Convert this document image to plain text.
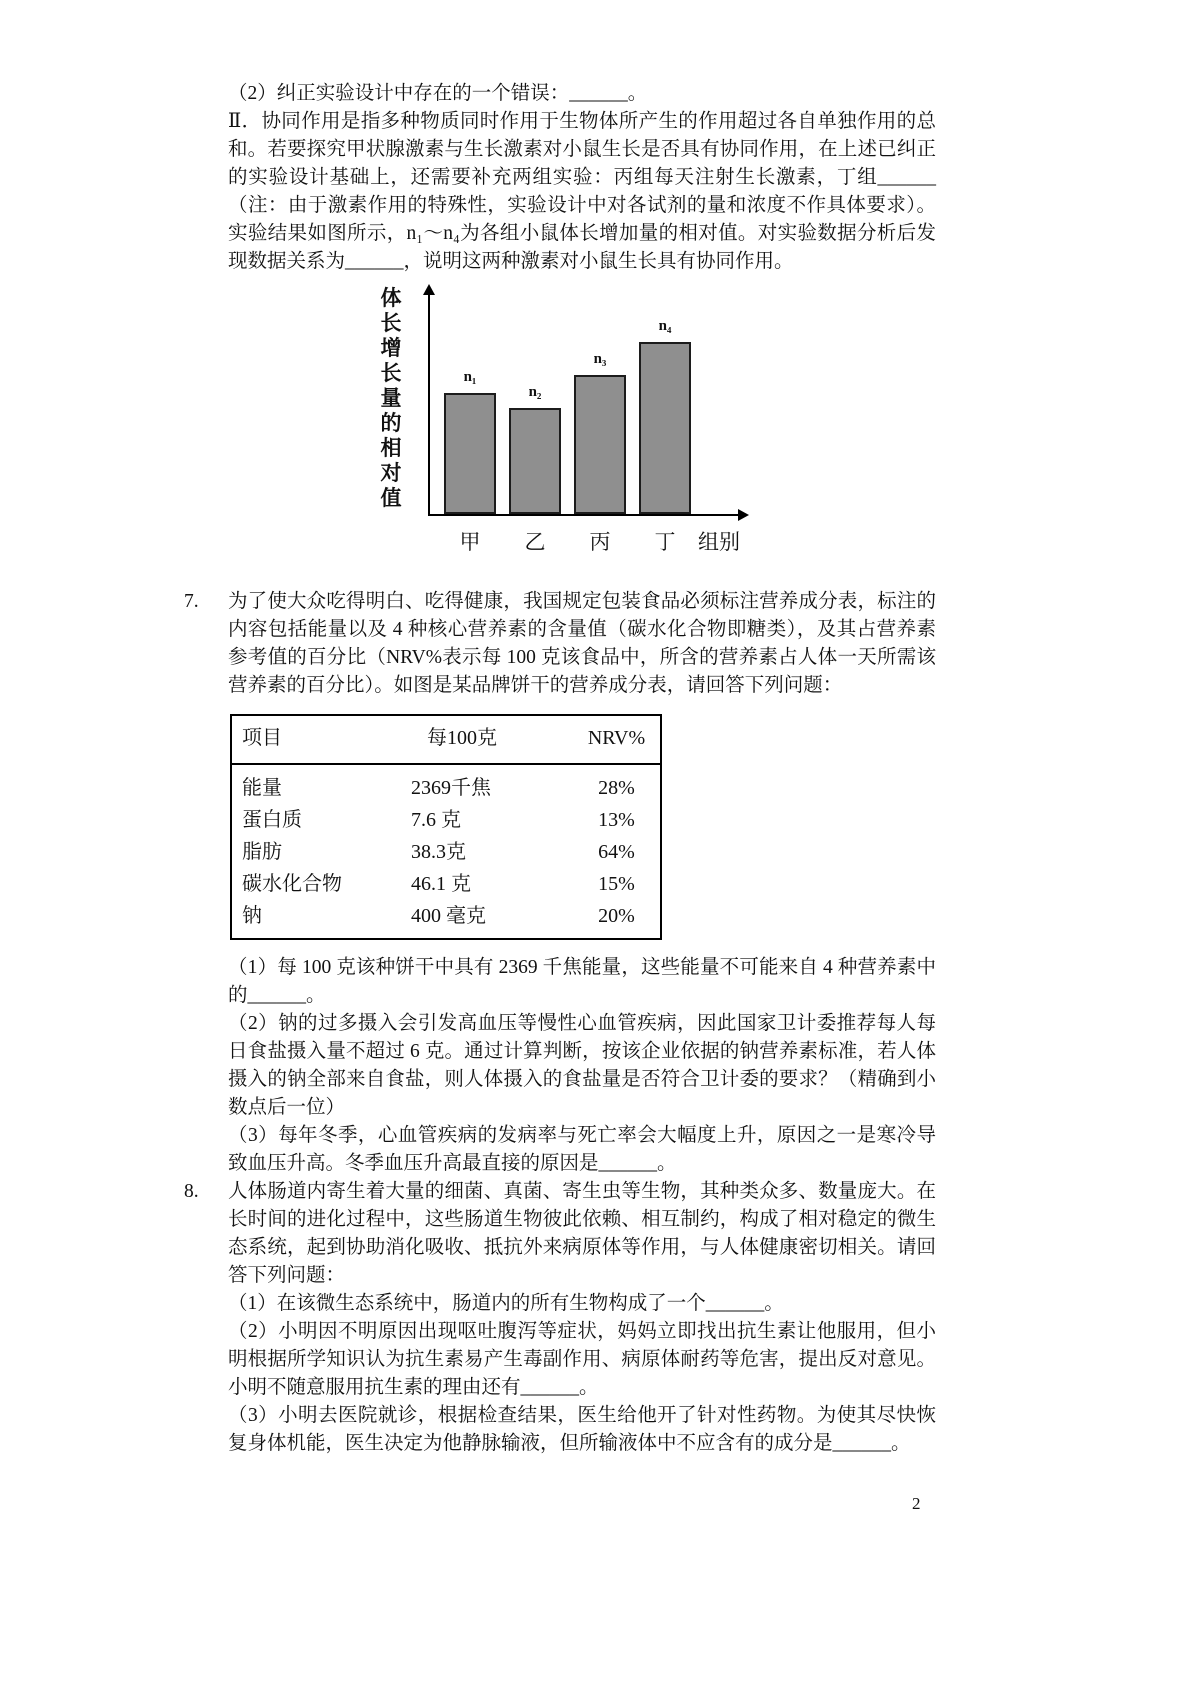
（2）纠正实验设计中存在的一个错误：______。

Ⅱ．协同作用是指多种物质同时作用于生物体所产生的作用超过各自单独作用的总和。若要探究甲状腺激素与生长激素对小鼠生长是否具有协同作用，在上述已纠正的实验设计基础上，还需要补充两组实验：丙组每天注射生长激素，丁组______（注：由于激素作用的特殊性，实验设计中对各试剂的量和浓度不作具体要求）。实验结果如图所示，n₁～n₄为各组小鼠体长增加量的相对值。对实验数据分析后发现数据关系为______，说明这两种激素对小鼠生长具有协同作用。

体
长
增
长
量
的
相
对
值
n₁
n₂
n₃
n₄
甲	乙	丙	丁	组别
7. 为了使大众吃得明白、吃得健康，我国规定包装食品必须标注营养成分表，标注的内容包括能量以及 4 种核心营养素的含量值（碳水化合物即糖类），及其占营养素参考值的百分比（NRV%表示每 100 克该食品中，所含的营养素占人体一天所需该营养素的百分比）。如图是某品牌饼干的营养成分表，请回答下列问题：

项目	每100克	NRV%
能量	2369千焦	28%
蛋白质	7.6 克	13%
脂肪	38.3克	64%
碳水化合物	46.1 克	15%
钠	400 毫克	20%

（1）每 100 克该种饼干中具有 2369 千焦能量，这些能量不可能来自 4 种营养素中的______。

（2）钠的过多摄入会引发高血压等慢性心血管疾病，因此国家卫计委推荐每人每日食盐摄入量不超过 6 克。通过计算判断，按该企业依据的钠营养素标准，若人体摄入的钠全部来自食盐，则人体摄入的食盐量是否符合卫计委的要求？（精确到小数点后一位）

（3）每年冬季，心血管疾病的发病率与死亡率会大幅度上升，原因之一是寒冷导致血压升高。冬季血压升高最直接的原因是______。

8. 人体肠道内寄生着大量的细菌、真菌、寄生虫等生物，其种类众多、数量庞大。在长时间的进化过程中，这些肠道生物彼此依赖、相互制约，构成了相对稳定的微生态系统，起到协助消化吸收、抵抗外来病原体等作用，与人体健康密切相关。请回答下列问题：

（1）在该微生态系统中，肠道内的所有生物构成了一个______。

（2）小明因不明原因出现呕吐腹泻等症状，妈妈立即找出抗生素让他服用，但小明根据所学知识认为抗生素易产生毒副作用、病原体耐药等危害，提出反对意见。小明不随意服用抗生素的理由还有______。

（3）小明去医院就诊，根据检查结果，医生给他开了针对性药物。为使其尽快恢复身体机能，医生决定为他静脉输液，但所输液体中不应含有的成分是______。

2
